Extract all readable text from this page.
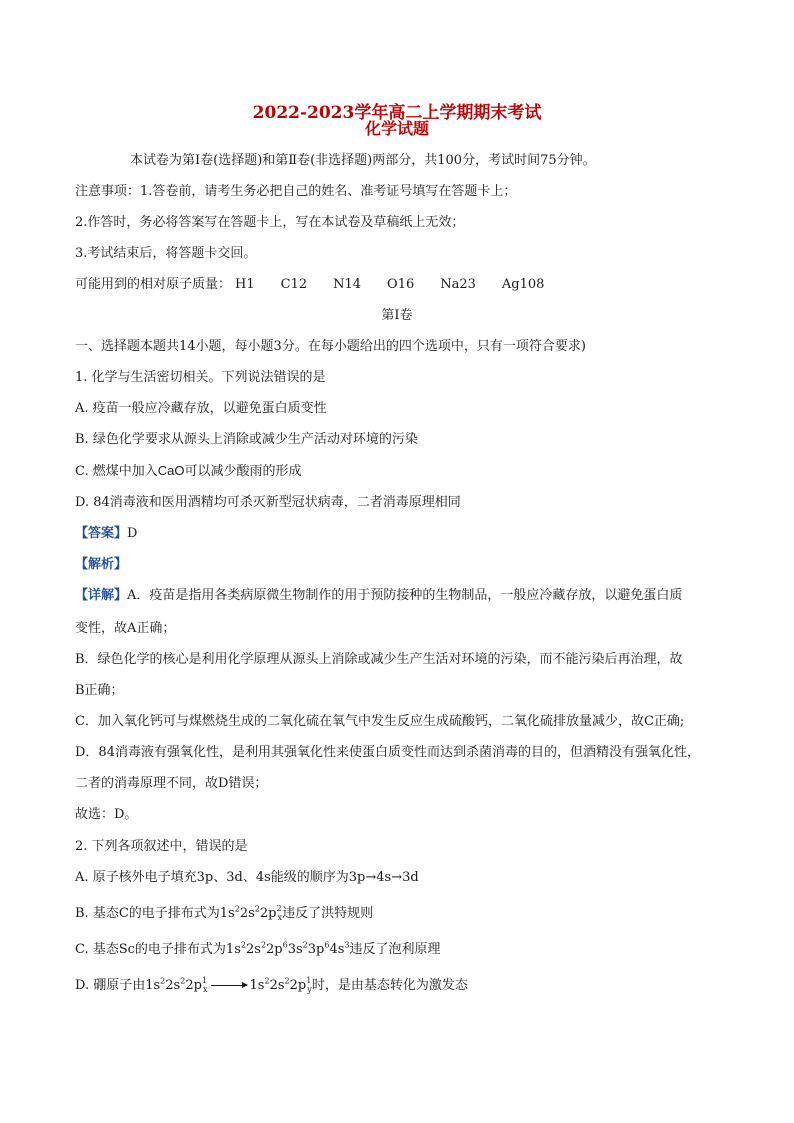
2022-2023学年高二上学期期末考试
化学试题
本试卷为第Ⅰ卷(选择题)和第Ⅱ卷(非选择题)两部分，共100分，考试时间75分钟。
注意事项：1.答卷前，请考生务必把自己的姓名、准考证号填写在答题卡上；
2.作答时，务必将答案写在答题卡上，写在本试卷及草稿纸上无效；
3.考试结束后，将答题卡交回。
可能用到的相对原子质量： H1 C12 N14 O16 Na23 Ag108
第Ⅰ卷
一、选择题本题共14小题，每小题3分。在每小题给出的四个选项中，只有一项符合要求)
1. 化学与生活密切相关。下列说法错误的是
A. 疫苗一般应冷藏存放，以避免蛋白质变性
B. 绿色化学要求从源头上消除或减少生产活动对环境的污染
C. 燃煤中加入CaO可以减少酸雨的形成
D. 84消毒液和医用酒精均可杀灭新型冠状病毒，二者消毒原理相同
【答案】D
【解析】
【详解】A．疫苗是指用各类病原微生物制作的用于预防接种的生物制品，一般应冷藏存放，以避免蛋白质
变性，故A正确；
B．绿色化学的核心是利用化学原理从源头上消除或减少生产生活对环境的污染，而不能污染后再治理，故
B正确；
C．加入氧化钙可与煤燃烧生成的二氧化硫在氧气中发生反应生成硫酸钙，二氧化硫排放量减少，故C正确;
D．84消毒液有强氧化性，是利用其强氧化性来使蛋白质变性而达到杀菌消毒的目的，但酒精没有强氧化性，
二者的消毒原理不同，故D错误；
故选：D。
2. 下列各项叙述中，错误的是
A. 原子核外电子填充3p、3d、4s能级的顺序为3p→4s→3d
B. 基态C的电子排布式为$1s^22s^22p^2_x$违反了洪特规则
C. 基态Sc的电子排布式为$1s^22s^22p^63s^23p^64s^3$违反了泡利原理
D. 硼原子由$1s^22s^22p^1_x$	$1s^22s^22p^1_y$时，是由基态转化为激发态
